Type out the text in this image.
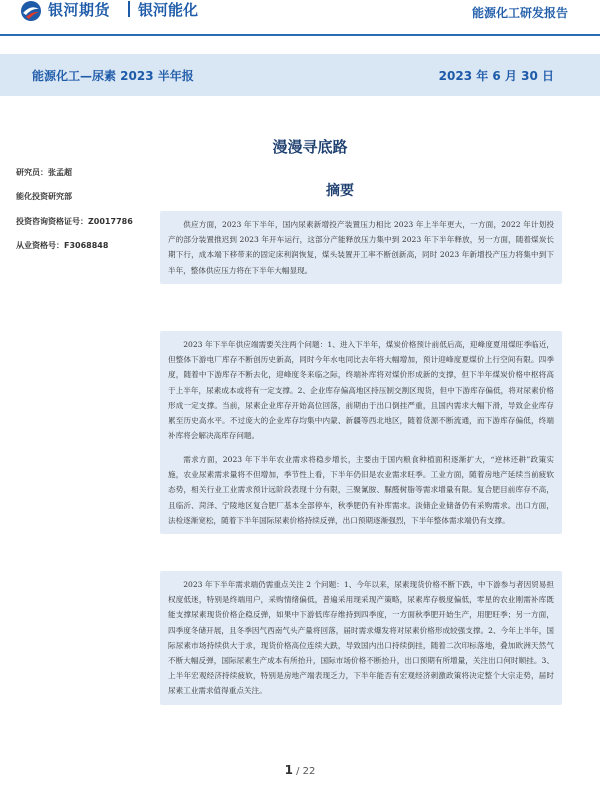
银河期货 银河能化	能源化工研发报告
能源化工—尿素 2023 半年报	2023 年 6 月 30 日
研究员：张孟超
能化投资研究部
投资咨询资格证号：Z0017786
从业资格号：F3068848
漫漫寻底路
摘要

供应方面，2023 年下半年，国内尿素新增投产装置压力相比 2023 年上半年更大，一方面，2022 年计划投产的部分装置推迟到 2023 年开车运行，这部分产能释放压力集中到 2023 年下半年释放，另一方面，随着煤炭长期下行，成本端下移带来的固定床利润恢复，煤头装置开工率不断创新高，同时 2023 年新增投产压力将集中到下半年，整体供应压力将在下半年大幅显现。

2023 年下半年供应端需要关注两个问题：1、进入下半年，煤炭价格预计前低后高，迎峰度夏用煤旺季临近，但整体下游电厂库存不断创历史新高，同时今年水电同比去年将大幅增加，预计迎峰度夏煤价上行空间有限。四季度，随着中下游库存不断去化，迎峰度冬来临之际，终端补库将对煤价形成新的支撑，但下半年煤炭价格中枢将高于上半年，尿素成本或将有一定支撑。2、企业库存偏高地区持压制交割区现货，但中下游库存偏低，将对尿素价格形成一定支撑。当前，尿素企业库存开始高位回落，前期由于出口倒挂严重，且国内需求大幅下滑，导致企业库存累至历史高水平。不过庞大的企业库存均集中内蒙、新疆等西北地区，随着货源不断流通，而下游库存偏低，终端补库将会解决高库存问题。

需求方面，2023 年下半年农业需求将稳步增长，主要由于国内粮食种植面积逐渐扩大，“逆林还耕”政策实施，农业尿素需求量将不但增加，季节性上看，下半年仍旧是农业需求旺季。工业方面，随着房地产延续当前疲软态势，相关行业工业需求预计远阶段表现十分有限，三聚氰胺、脲醛树脂等需求增量有限。复合肥目前库存不高，且临沂、菏泽、宁陵地区复合肥厂基本全部停车，秋季肥仍有补库需求。淡储企业储备仍有采购需求。出口方面，法检逐渐宽松，随着下半年国际尿素价格持续反弹，出口预期逐渐强烈，下半年整体需求端仍有支撑。

2023 年下半年需求端仍需重点关注 2 个问题：1、今年以来，尿素现货价格不断下跌，中下游参与者因贸易担权度低迷，特别是终端用户，采购情绪偏低，普遍采用现采现产策略，尿素库存极度偏低，零星的农业刚需补库既能支撑尿素现货价格企稳反弹，如果中下游低库存维持到四季度，一方面秋季肥开始生产，用肥旺季；另一方面，四季度冬储开展，且冬季因气西南气头产量将回落，届时需求爆发将对尿素价格形成较强支撑。2、今年上半年，国际尿素市场持续供大于求，现货价格高位连续大跌，导致国内出口持续倒挂，随着二次印标落地，叠加欧洲天然气不断大幅反弹，国际尿素生产成本有所抬升，国际市场价格不断抬升，出口预期有所增量，关注出口何时顺挂。3、上半年宏观经济持续疲软，特别是房地产端表现乏力，下半年能否有宏观经济刺激政策将决定整个大宗走势，届时尿素工业需求值得重点关注。

1 / 22
